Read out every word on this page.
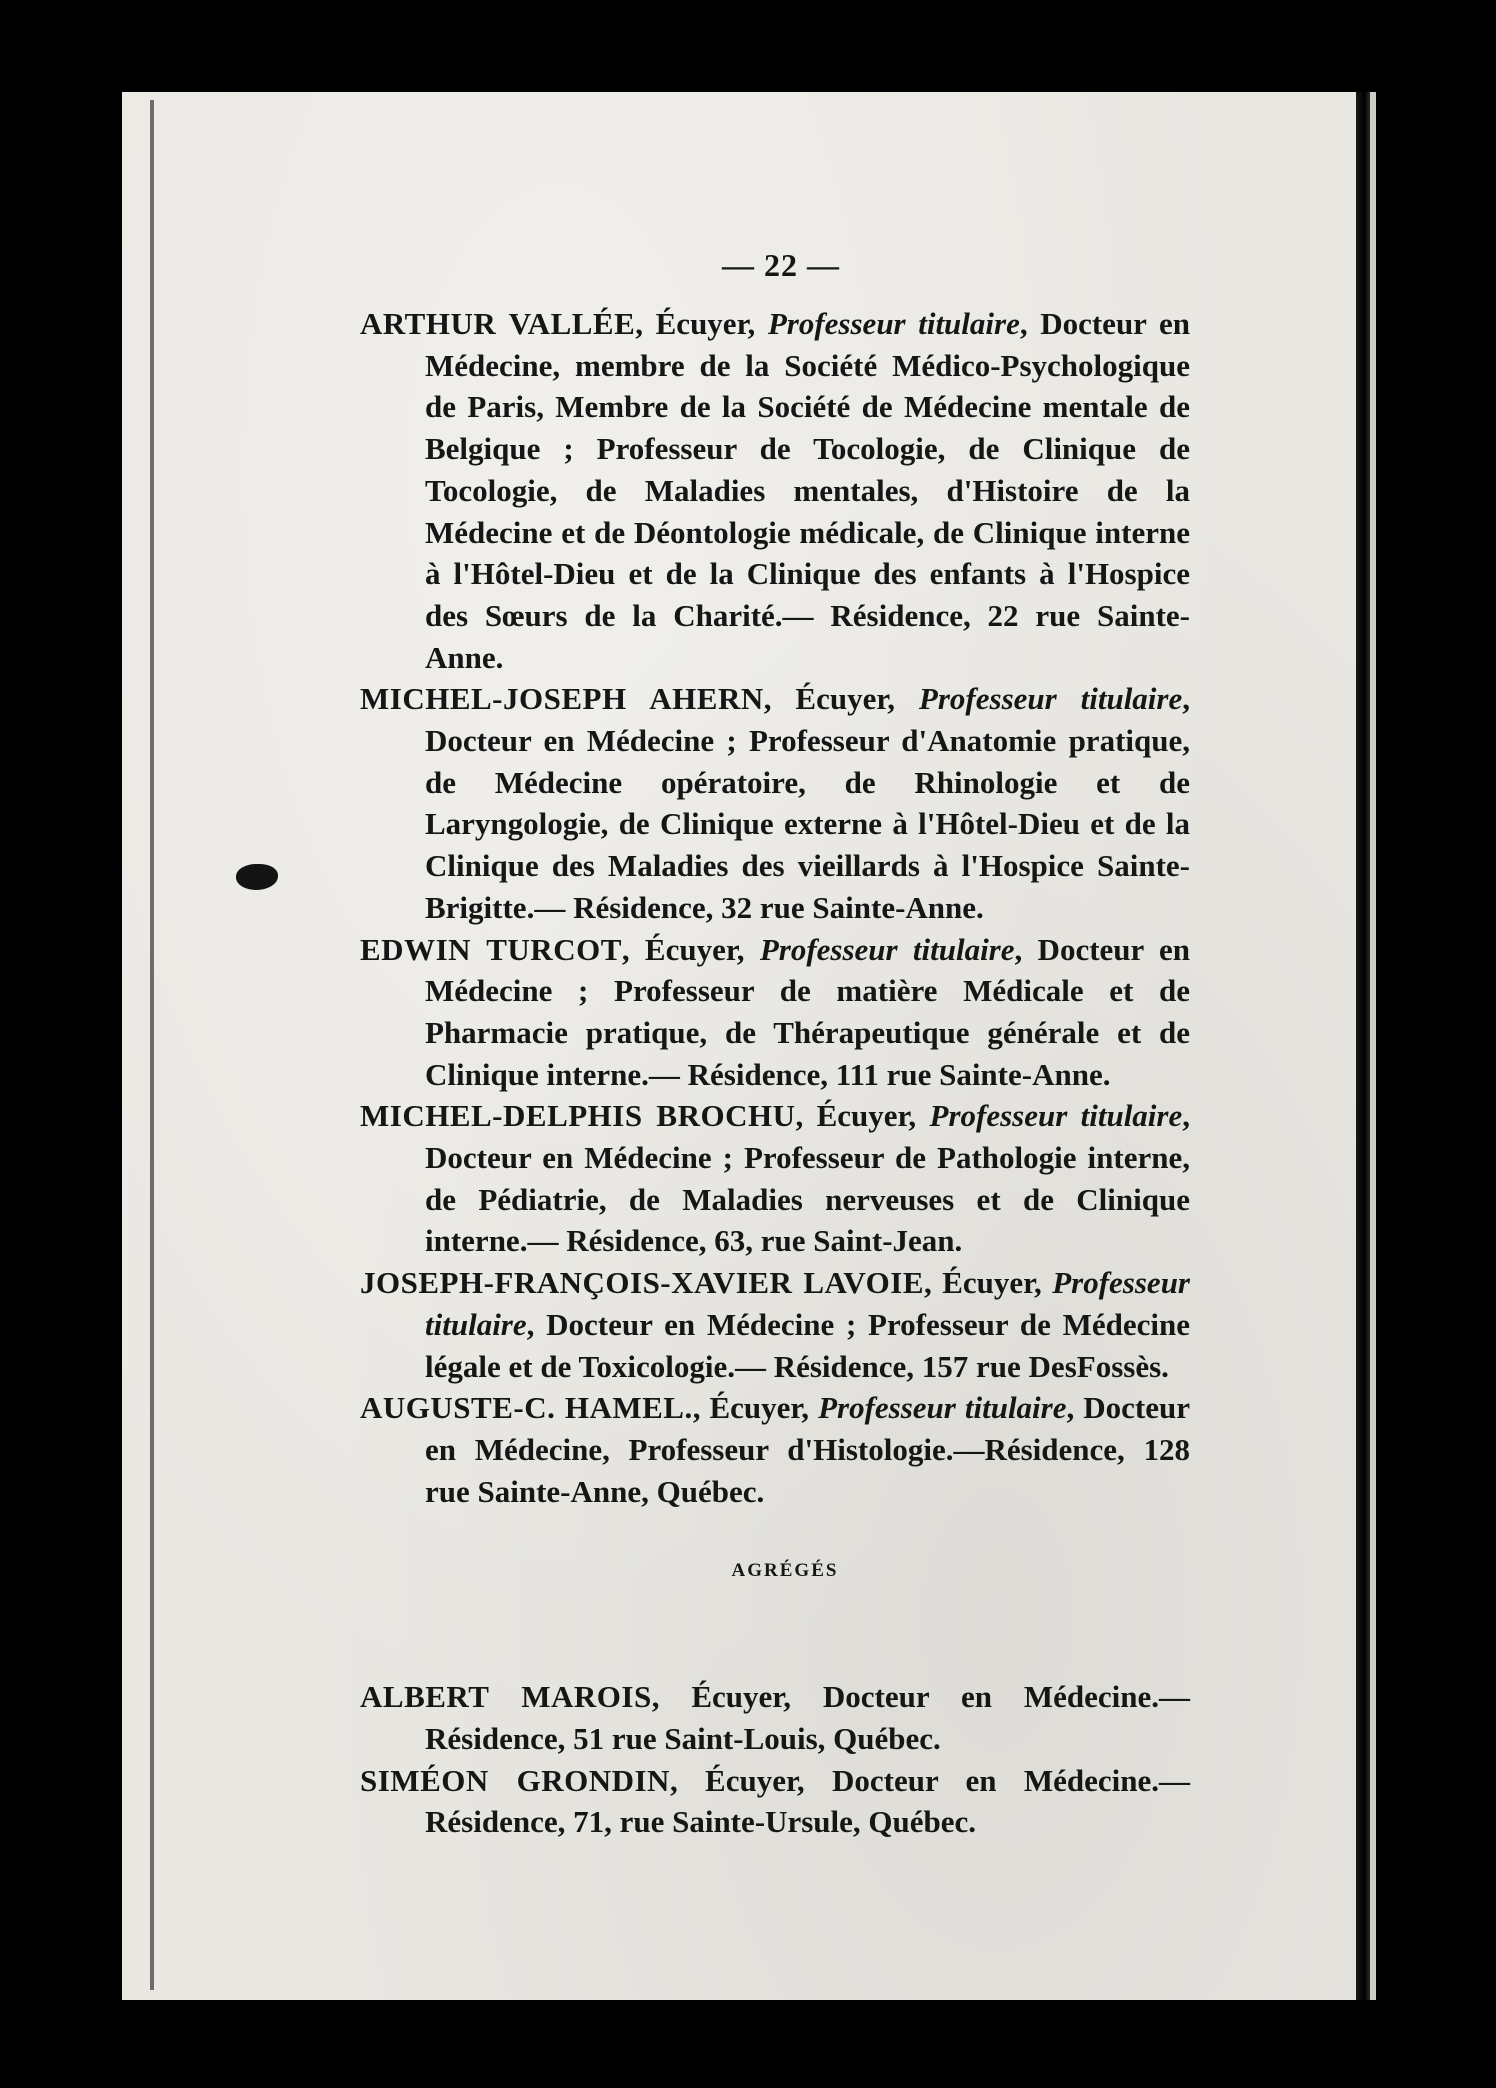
— 22 —

ARTHUR VALLÉE, Écuyer, Professeur titulaire, Docteur en Médecine, membre de la Société Médico-Psychologique de Paris, Membre de la Société de Médecine mentale de Belgique ; Professeur de Tocologie, de Clinique de Tocologie, de Maladies mentales, d'Histoire de la Médecine et de Déontologie médicale, de Clinique interne à l'Hôtel-Dieu et de la Clinique des enfants à l'Hospice des Sœurs de la Charité.— Résidence, 22 rue Sainte-Anne.

MICHEL-JOSEPH AHERN, Écuyer, Professeur titulaire, Docteur en Médecine ; Professeur d'Anatomie pratique, de Médecine opératoire, de Rhinologie et de Laryngologie, de Clinique externe à l'Hôtel-Dieu et de la Clinique des Maladies des vieillards à l'Hospice Sainte-Brigitte.— Résidence, 32 rue Sainte-Anne.

EDWIN TURCOT, Écuyer, Professeur titulaire, Docteur en Médecine ; Professeur de matière Médicale et de Pharmacie pratique, de Thérapeutique générale et de Clinique interne.— Résidence, 111 rue Sainte-Anne.

MICHEL-DELPHIS BROCHU, Écuyer, Professeur titulaire, Docteur en Médecine ; Professeur de Pathologie interne, de Pédiatrie, de Maladies nerveuses et de Clinique interne.— Résidence, 63, rue Saint-Jean.

JOSEPH-FRANÇOIS-XAVIER LAVOIE, Écuyer, Professeur titulaire, Docteur en Médecine ; Professeur de Médecine légale et de Toxicologie.— Résidence, 157 rue DesFossès.

AUGUSTE-C. HAMEL., Écuyer, Professeur titulaire, Docteur en Médecine, Professeur d'Histologie.—Résidence, 128 rue Sainte-Anne, Québec.

AGRÉGÉS

ALBERT MAROIS, Écuyer, Docteur en Médecine.— Résidence, 51 rue Saint-Louis, Québec.

SIMÉON GRONDIN, Écuyer, Docteur en Médecine.— Résidence, 71, rue Sainte-Ursule, Québec.
